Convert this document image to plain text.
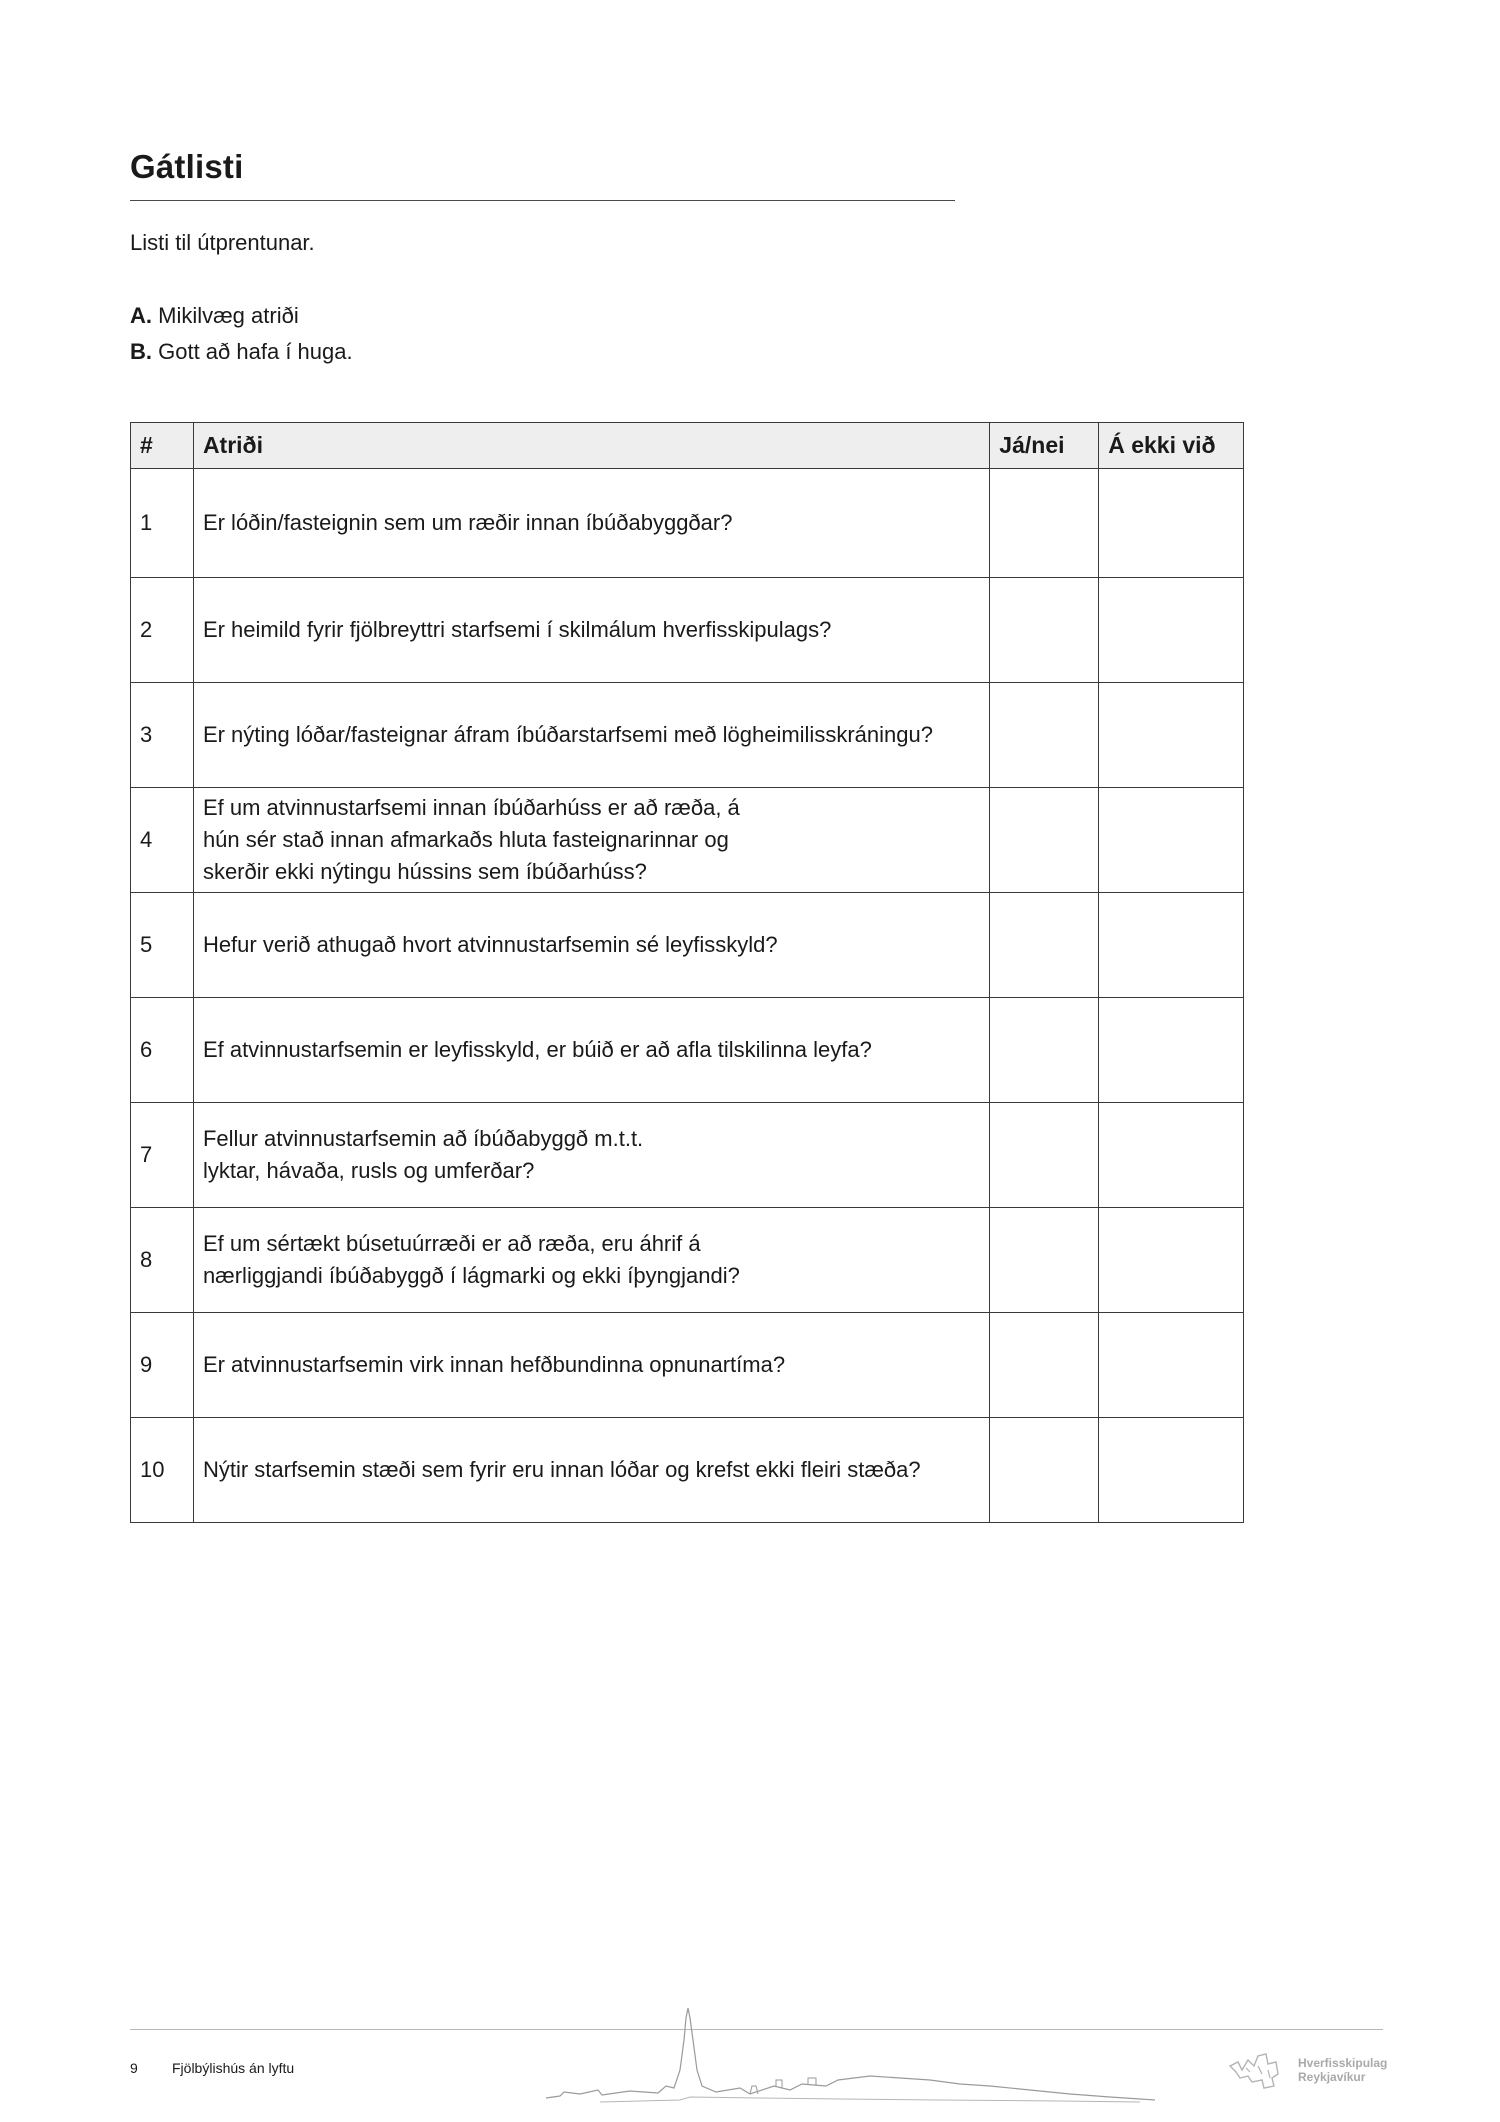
Gátlisti

Listi til útprentunar.

A. Mikilvæg atriði
B. Gott að hafa í huga.
#	Atriði	Já/nei	Á ekki við
1	Er lóðin/fasteignin sem um ræðir innan íbúðabyggðar?		

2	Er heimild fyrir fjölbreyttri starfsemi í skilmálum hverfisskipulags?		

3	Er nýting lóðar/fasteignar áfram íbúðarstarfsemi með lögheimilisskráningu?		

4	Ef um atvinnustarfsemi innan íbúðarhúss er að ræða, á
hún sér stað innan afmarkaðs hluta fasteignarinnar og
skerðir ekki nýtingu hússins sem íbúðarhúss?		

5	Hefur verið athugað hvort atvinnustarfsemin sé leyfisskyld?		

6	Ef atvinnustarfsemin er leyfisskyld, er búið er að afla tilskilinna leyfa?		

7	Fellur atvinnustarfsemin að íbúðabyggð m.t.t.
lyktar, hávaða, rusls og umferðar?		

8	Ef um sértækt búsetuúrræði er að ræða, eru áhrif á
nærliggjandi íbúðabyggð í lágmarki og ekki íþyngjandi?		

9	Er atvinnustarfsemin virk innan hefðbundinna opnunartíma?		

10	Nýtir starfsemin stæði sem fyrir eru innan lóðar og krefst ekki fleiri stæða?		

9 Fjölbýlishús án lyftu	Hverfisskipulag
Reykjavíkur
